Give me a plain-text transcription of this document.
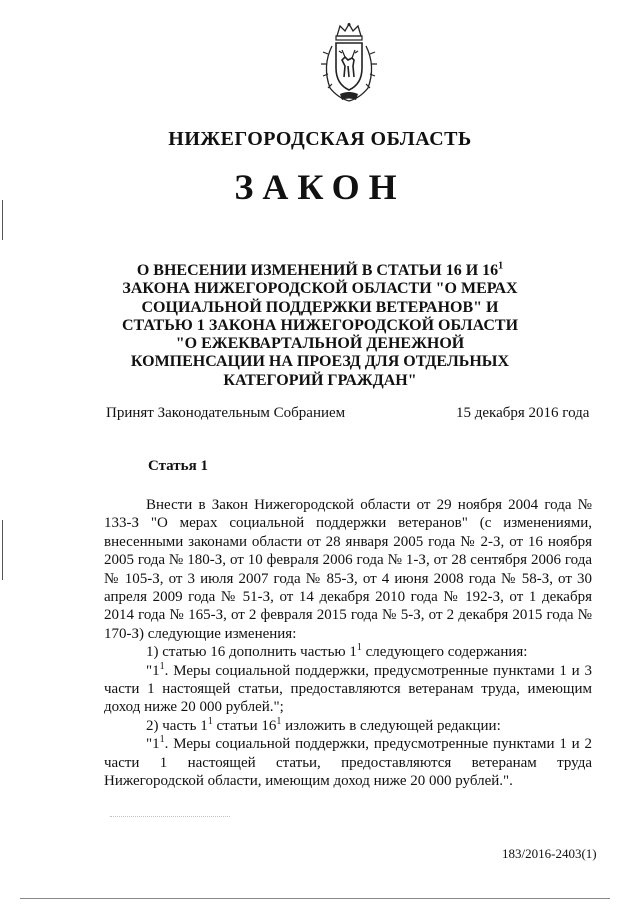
НИЖЕГОРОДСКАЯ ОБЛАСТЬ
ЗАКОН
О ВНЕСЕНИИ ИЗМЕНЕНИЙ В СТАТЬИ 16 И $16^1$ ЗАКОНА НИЖЕГОРОДСКОЙ ОБЛАСТИ "О МЕРАХ СОЦИАЛЬНОЙ ПОДДЕРЖКИ ВЕТЕРАНОВ" И СТАТЬЮ 1 ЗАКОНА НИЖЕГОРОДСКОЙ ОБЛАСТИ "О ЕЖЕКВАРТАЛЬНОЙ ДЕНЕЖНОЙ КОМПЕНСАЦИИ НА ПРОЕЗД ДЛЯ ОТДЕЛЬНЫХ КАТЕГОРИЙ ГРАЖДАН"
Принят Законодательным Собранием	15 декабря 2016 года
Статья 1
Внести в Закон Нижегородской области от 29 ноября 2004 года № 133-З "О мерах социальной поддержки ветеранов" (с изменениями, внесенными законами области от 28 января 2005 года № 2-З, от 16 ноября 2005 года № 180-З, от 10 февраля 2006 года № 1-З, от 28 сентября 2006 года № 105-З, от 3 июля 2007 года № 85-З, от 4 июня 2008 года № 58-З, от 30 апреля 2009 года № 51-З, от 14 декабря 2010 года № 192-З, от 1 декабря 2014 года № 165-З, от 2 февраля 2015 года № 5-З, от 2 декабря 2015 года № 170-З) следующие изменения:
1) статью 16 дополнить частью $1^1$ следующего содержания:
"$1^1$. Меры социальной поддержки, предусмотренные пунктами 1 и 3 части 1 настоящей статьи, предоставляются ветеранам труда, имеющим доход ниже 20 000 рублей.";
2) часть $1^1$ статьи $16^1$ изложить в следующей редакции:
"$1^1$. Меры социальной поддержки, предусмотренные пунктами 1 и 2 части 1 настоящей статьи, предоставляются ветеранам труда Нижегородской области, имеющим доход ниже 20 000 рублей.".
183/2016-2403(1)
